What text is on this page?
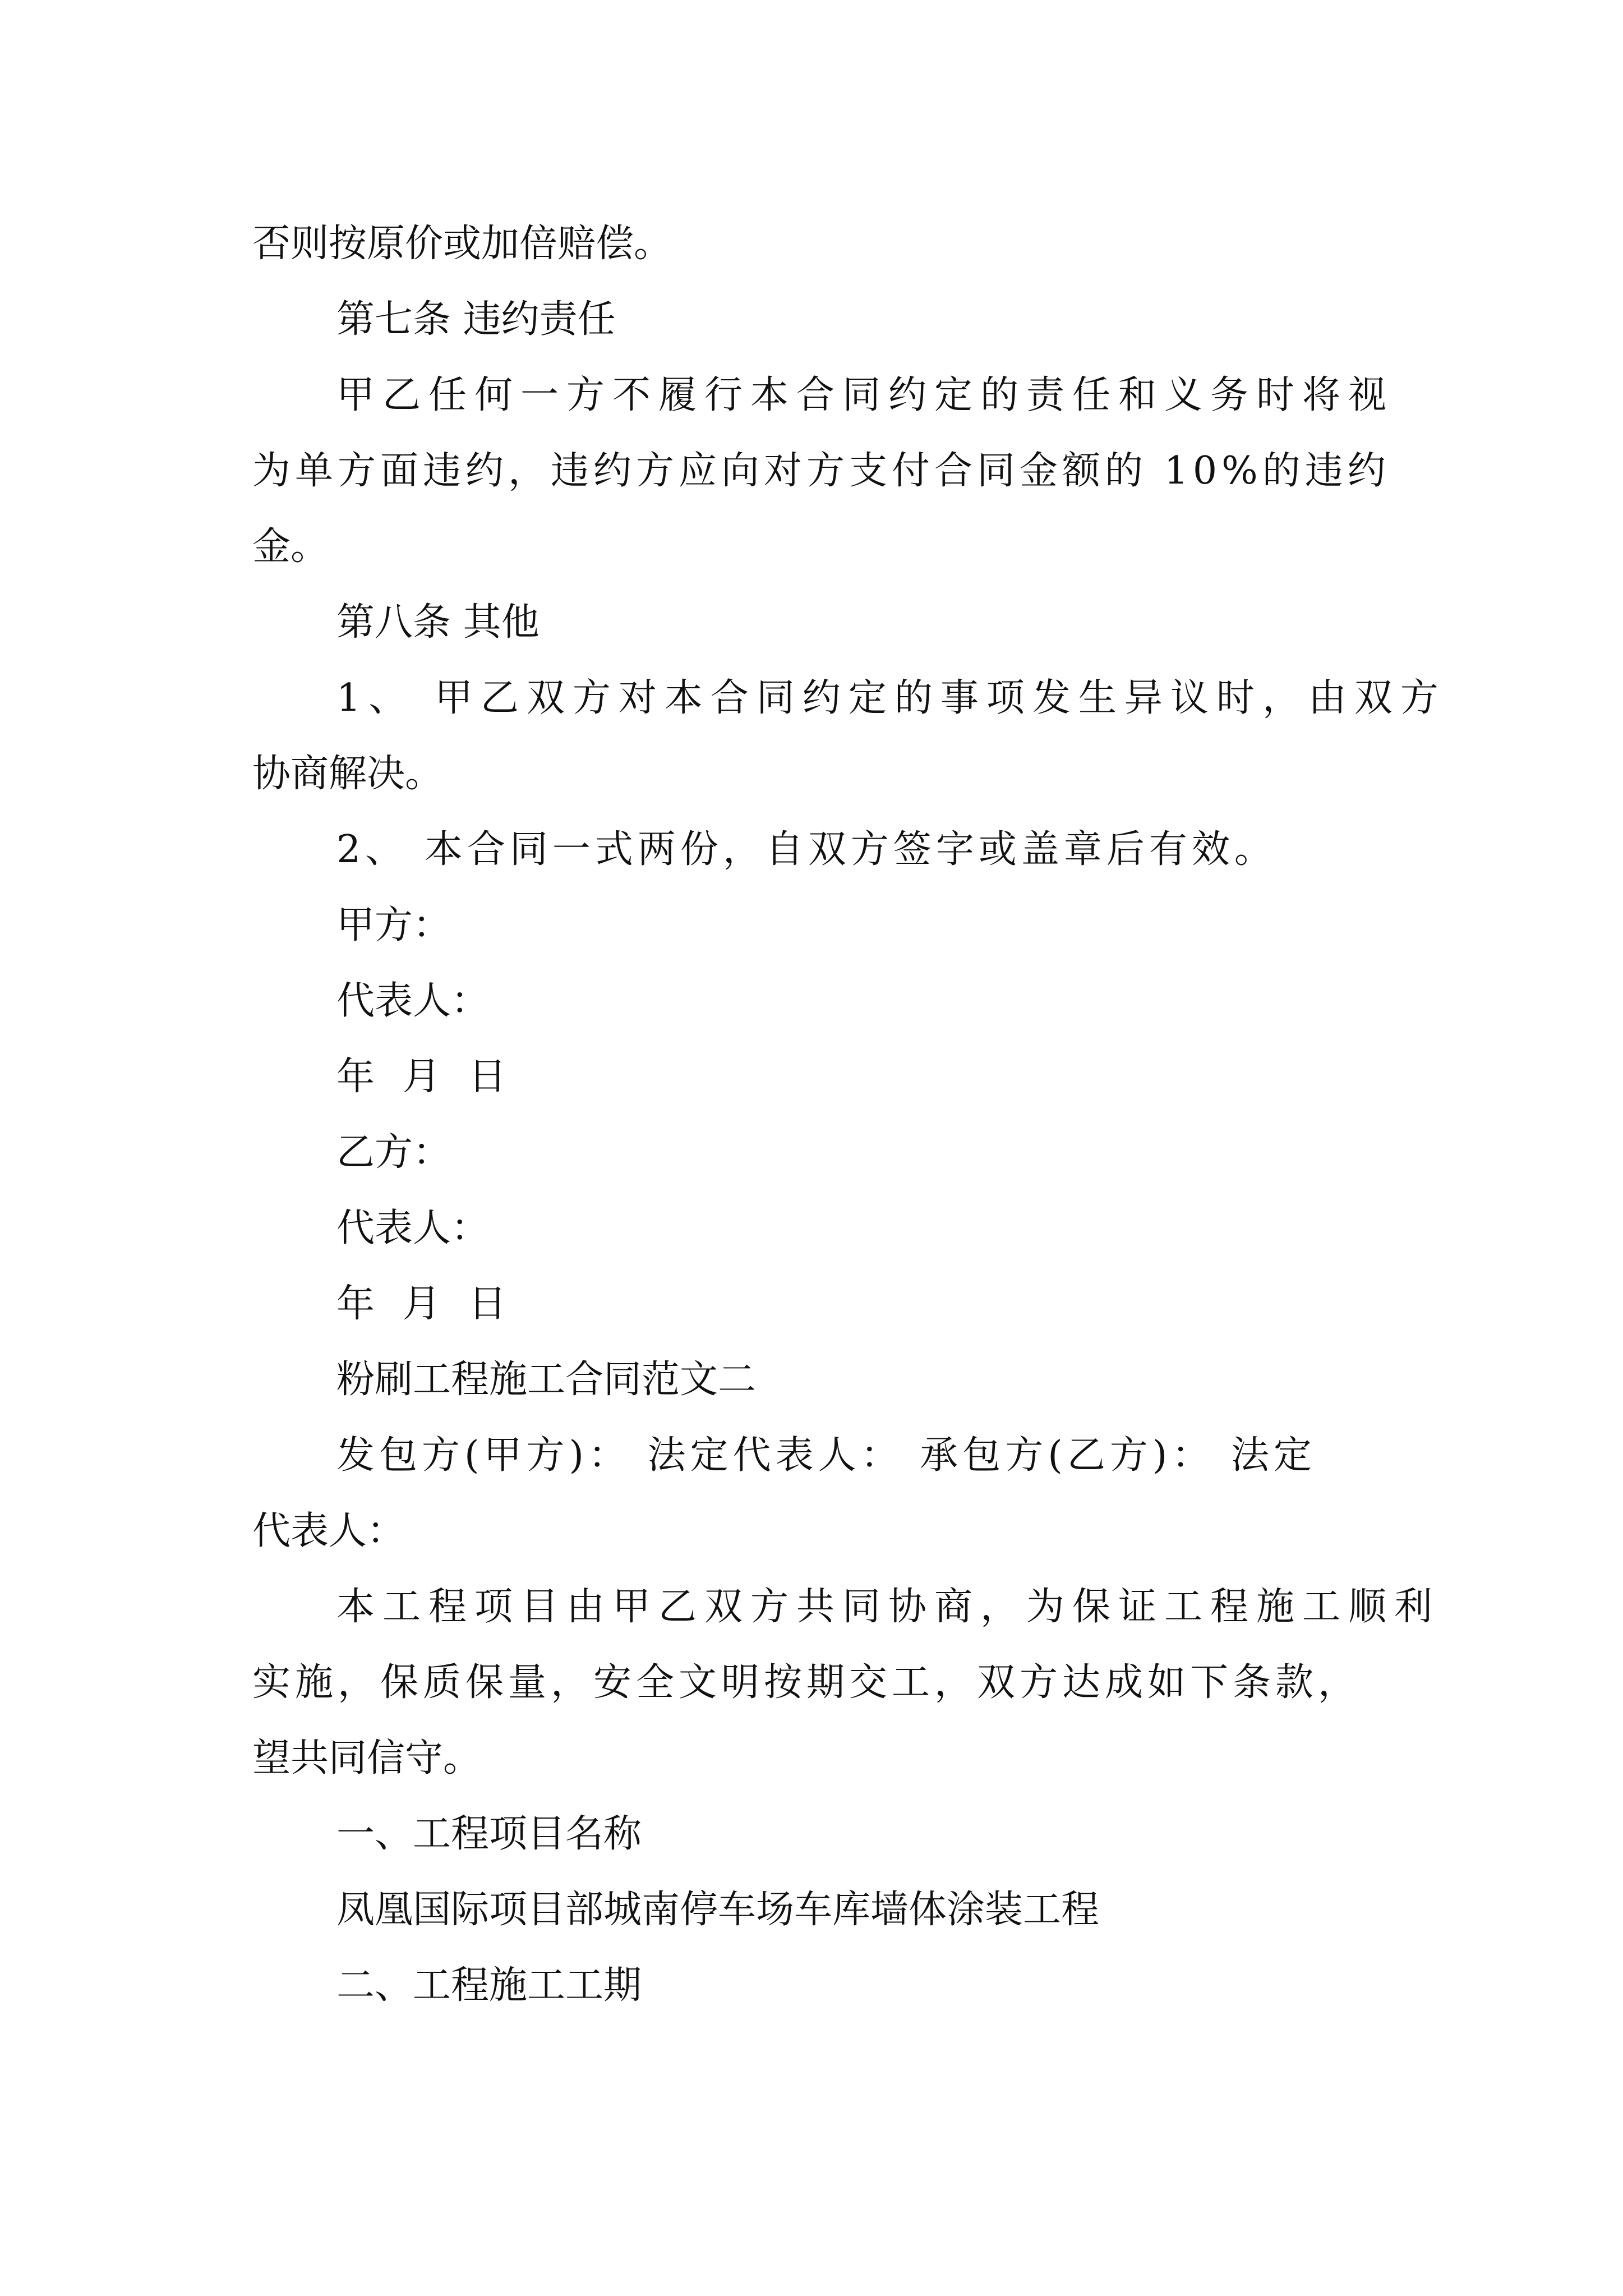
否则按原价或加倍赔偿。
第七条 违约责任
甲乙任何一方不履行本合同约定的责任和义务时将视
为单方面违约，违约方应向对方支付合同金额的 10%的违约
金。
第八条 其他
1、 甲乙双方对本合同约定的事项发生异议时，由双方
协商解决。
2、 本合同一式两份，自双方签字或盖章后有效。
甲方：
代表人：
年 月 日
乙方：
代表人：
年 月 日
粉刷工程施工合同范文二
发包方(甲方)： 法定代表人： 承包方(乙方)： 法定
代表人：
本工程项目由甲乙双方共同协商，为保证工程施工顺利
实施，保质保量，安全文明按期交工，双方达成如下条款，
望共同信守。
一、工程项目名称
凤凰国际项目部城南停车场车库墙体涂装工程
二、工程施工工期
